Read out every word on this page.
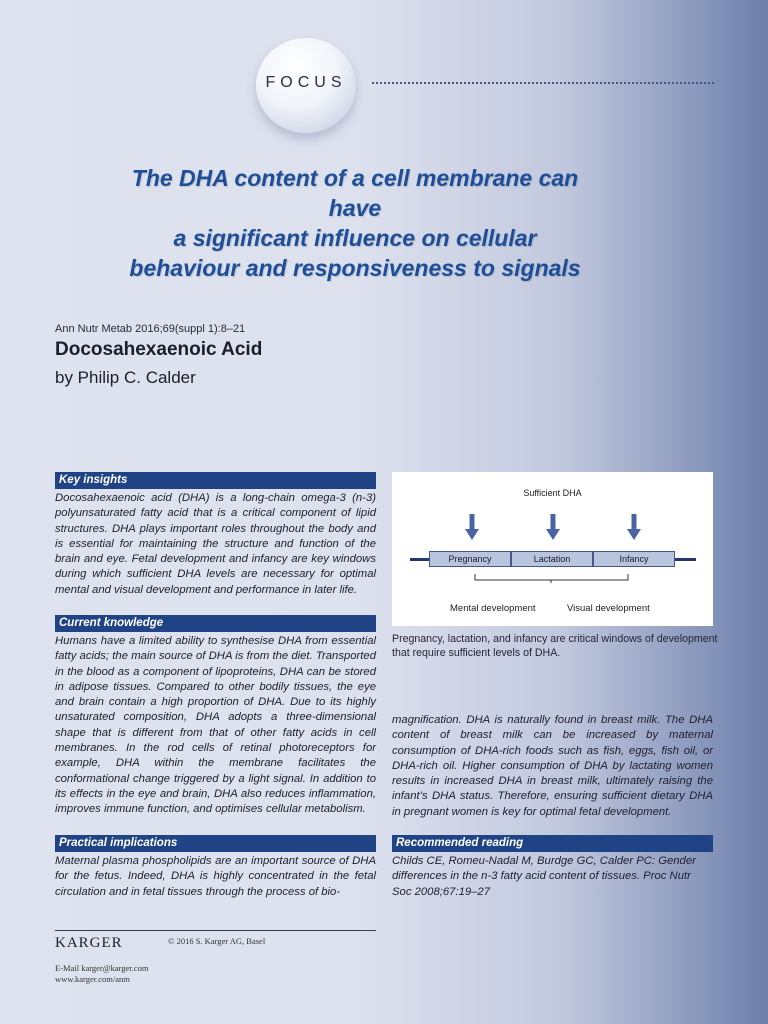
FOCUS
The DHA content of a cell membrane can have
a significant influence on cellular
behaviour and responsiveness to signals
Ann Nutr Metab 2016;69(suppl 1):8–21
Docosahexaenoic Acid
by Philip C. Calder
Key insights
Docosahexaenoic acid (DHA) is a long-chain omega-3 (n-3) polyunsaturated fatty acid that is a critical component of lipid structures. DHA plays important roles throughout the body and is essential for maintaining the structure and function of the brain and eye. Fetal development and infancy are key windows during which sufficient DHA levels are necessary for optimal mental and visual development and performance in later life.
Current knowledge
Humans have a limited ability to synthesise DHA from essential fatty acids; the main source of DHA is from the diet. Transported in the blood as a component of lipoproteins, DHA can be stored in adipose tissues. Compared to other bodily tissues, the eye and brain contain a high proportion of DHA. Due to its highly unsaturated composition, DHA adopts a three-dimensional shape that is different from that of other fatty acids in cell membranes. In the rod cells of retinal photoreceptors for example, DHA within the membrane facilitates the conformational change triggered by a light signal. In addition to its effects in the eye and brain, DHA also reduces inflammation, improves immune function, and optimises cellular metabolism.
Practical implications
Maternal plasma phospholipids are an important source of DHA for the fetus. Indeed, DHA is highly concentrated in the fetal circulation and in fetal tissues through the process of bio-
Sufficient DHA
Pregnancy	Lactation	Infancy
Mental development	Visual development
Pregnancy, lactation, and infancy are critical windows of development that require sufficient levels of DHA.
magnification. DHA is naturally found in breast milk. The DHA content of breast milk can be increased by maternal consumption of DHA-rich foods such as fish, eggs, fish oil, or DHA-rich oil. Higher consumption of DHA by lactating women results in increased DHA in breast milk, ultimately raising the infant’s DHA status. Therefore, ensuring sufficient dietary DHA in pregnant women is key for optimal fetal development.
Recommended reading
Childs CE, Romeu-Nadal M, Burdge GC, Calder PC: Gender differences in the n-3 fatty acid content of tissues. Proc Nutr Soc 2008;67:19–27
KARGER	© 2016 S. Karger AG, Basel
E-Mail karger@karger.com
www.karger.com/anm
